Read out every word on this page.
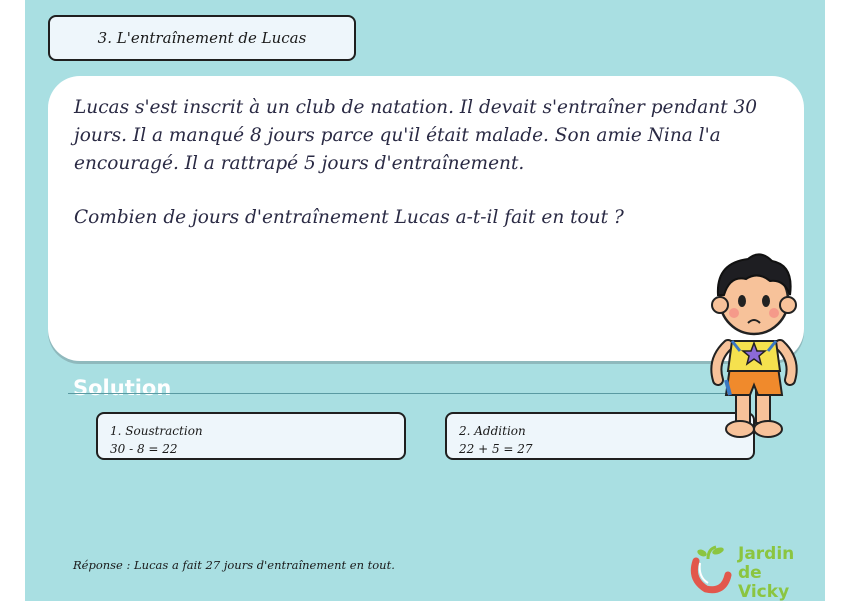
3. L'entraînement de Lucas

Lucas s'est inscrit à un club de natation. Il devait s'entraîner pendant 30 jours. Il a manqué 8 jours parce qu'il était malade. Son amie Nina l'a encouragé. Il a rattrapé 5 jours d'entraînement.

Combien de jours d'entraînement Lucas a-t-il fait en tout ?

Solution
1. Soustraction
30 - 8 = 22
2. Addition
22 + 5 = 27
Réponse : Lucas a fait 27 jours d'entraînement en tout.
Jardin
de Vicky
